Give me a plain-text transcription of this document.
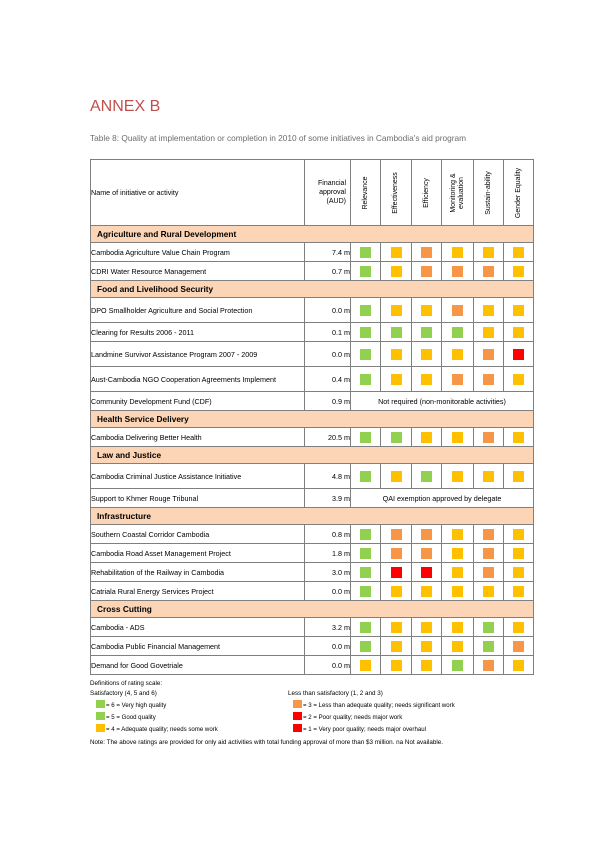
ANNEX B
Table 8: Quality at implementation or completion in 2010 of some initiatives in Cambodia's aid program
Name of initiative or activity	Financial
approval
(AUD)	Relevance	Effectiveness	Efficiency	Monitoring & evaluation	Sustain-ability	Gender Equality

Agriculture and Rural Development							
Cambodia Agriculture Value Chain Program	7.4 m						
CDRI Water Resource Management	0.7 m						
Food and Livelihood Security							
DPO Smallholder Agriculture and Social Protection	0.0 m						
Clearing for Results 2006 - 2011	0.1 m						
Landmine Survivor Assistance Program 2007 - 2009	0.0 m						
Aust-Cambodia NGO Cooperation Agreements Implement	0.4 m						
Community Development Fund (CDF)	0.9 m	Not required (non-monitorable activities)					
Health Service Delivery							
Cambodia Delivering Better Health	20.5 m						
Law and Justice							
Cambodia Criminal Justice Assistance Initiative	4.8 m						
Support to Khmer Rouge Tribunal	3.9 m	QAI exemption approved by delegate					
Infrastructure							
Southern Coastal Corridor Cambodia	0.8 m						
Cambodia Road Asset Management Project	1.8 m						
Rehabilitation of the Railway in Cambodia	3.0 m						
Catriala Rural Energy Services Project	0.0 m						
Cross Cutting							
Cambodia - ADS	3.2 m						
Cambodia Public Financial Management	0.0 m						
Demand for Good Govetriale	0.0 m						
Definitions of rating scale:
Satisfactory (4, 5 and 6)	Less than satisfactory (1, 2 and 3)
= 6 = Very high quality
= 5 = Good quality
= 4 = Adequate quality; needs some work
= 3 = Less than adequate quality; needs significant work
= 2 = Poor quality; needs major work
= 1 = Very poor quality; needs major overhaul
Note: The above ratings are provided for only aid activities with total funding approval of more than $3 million. na Not available.
